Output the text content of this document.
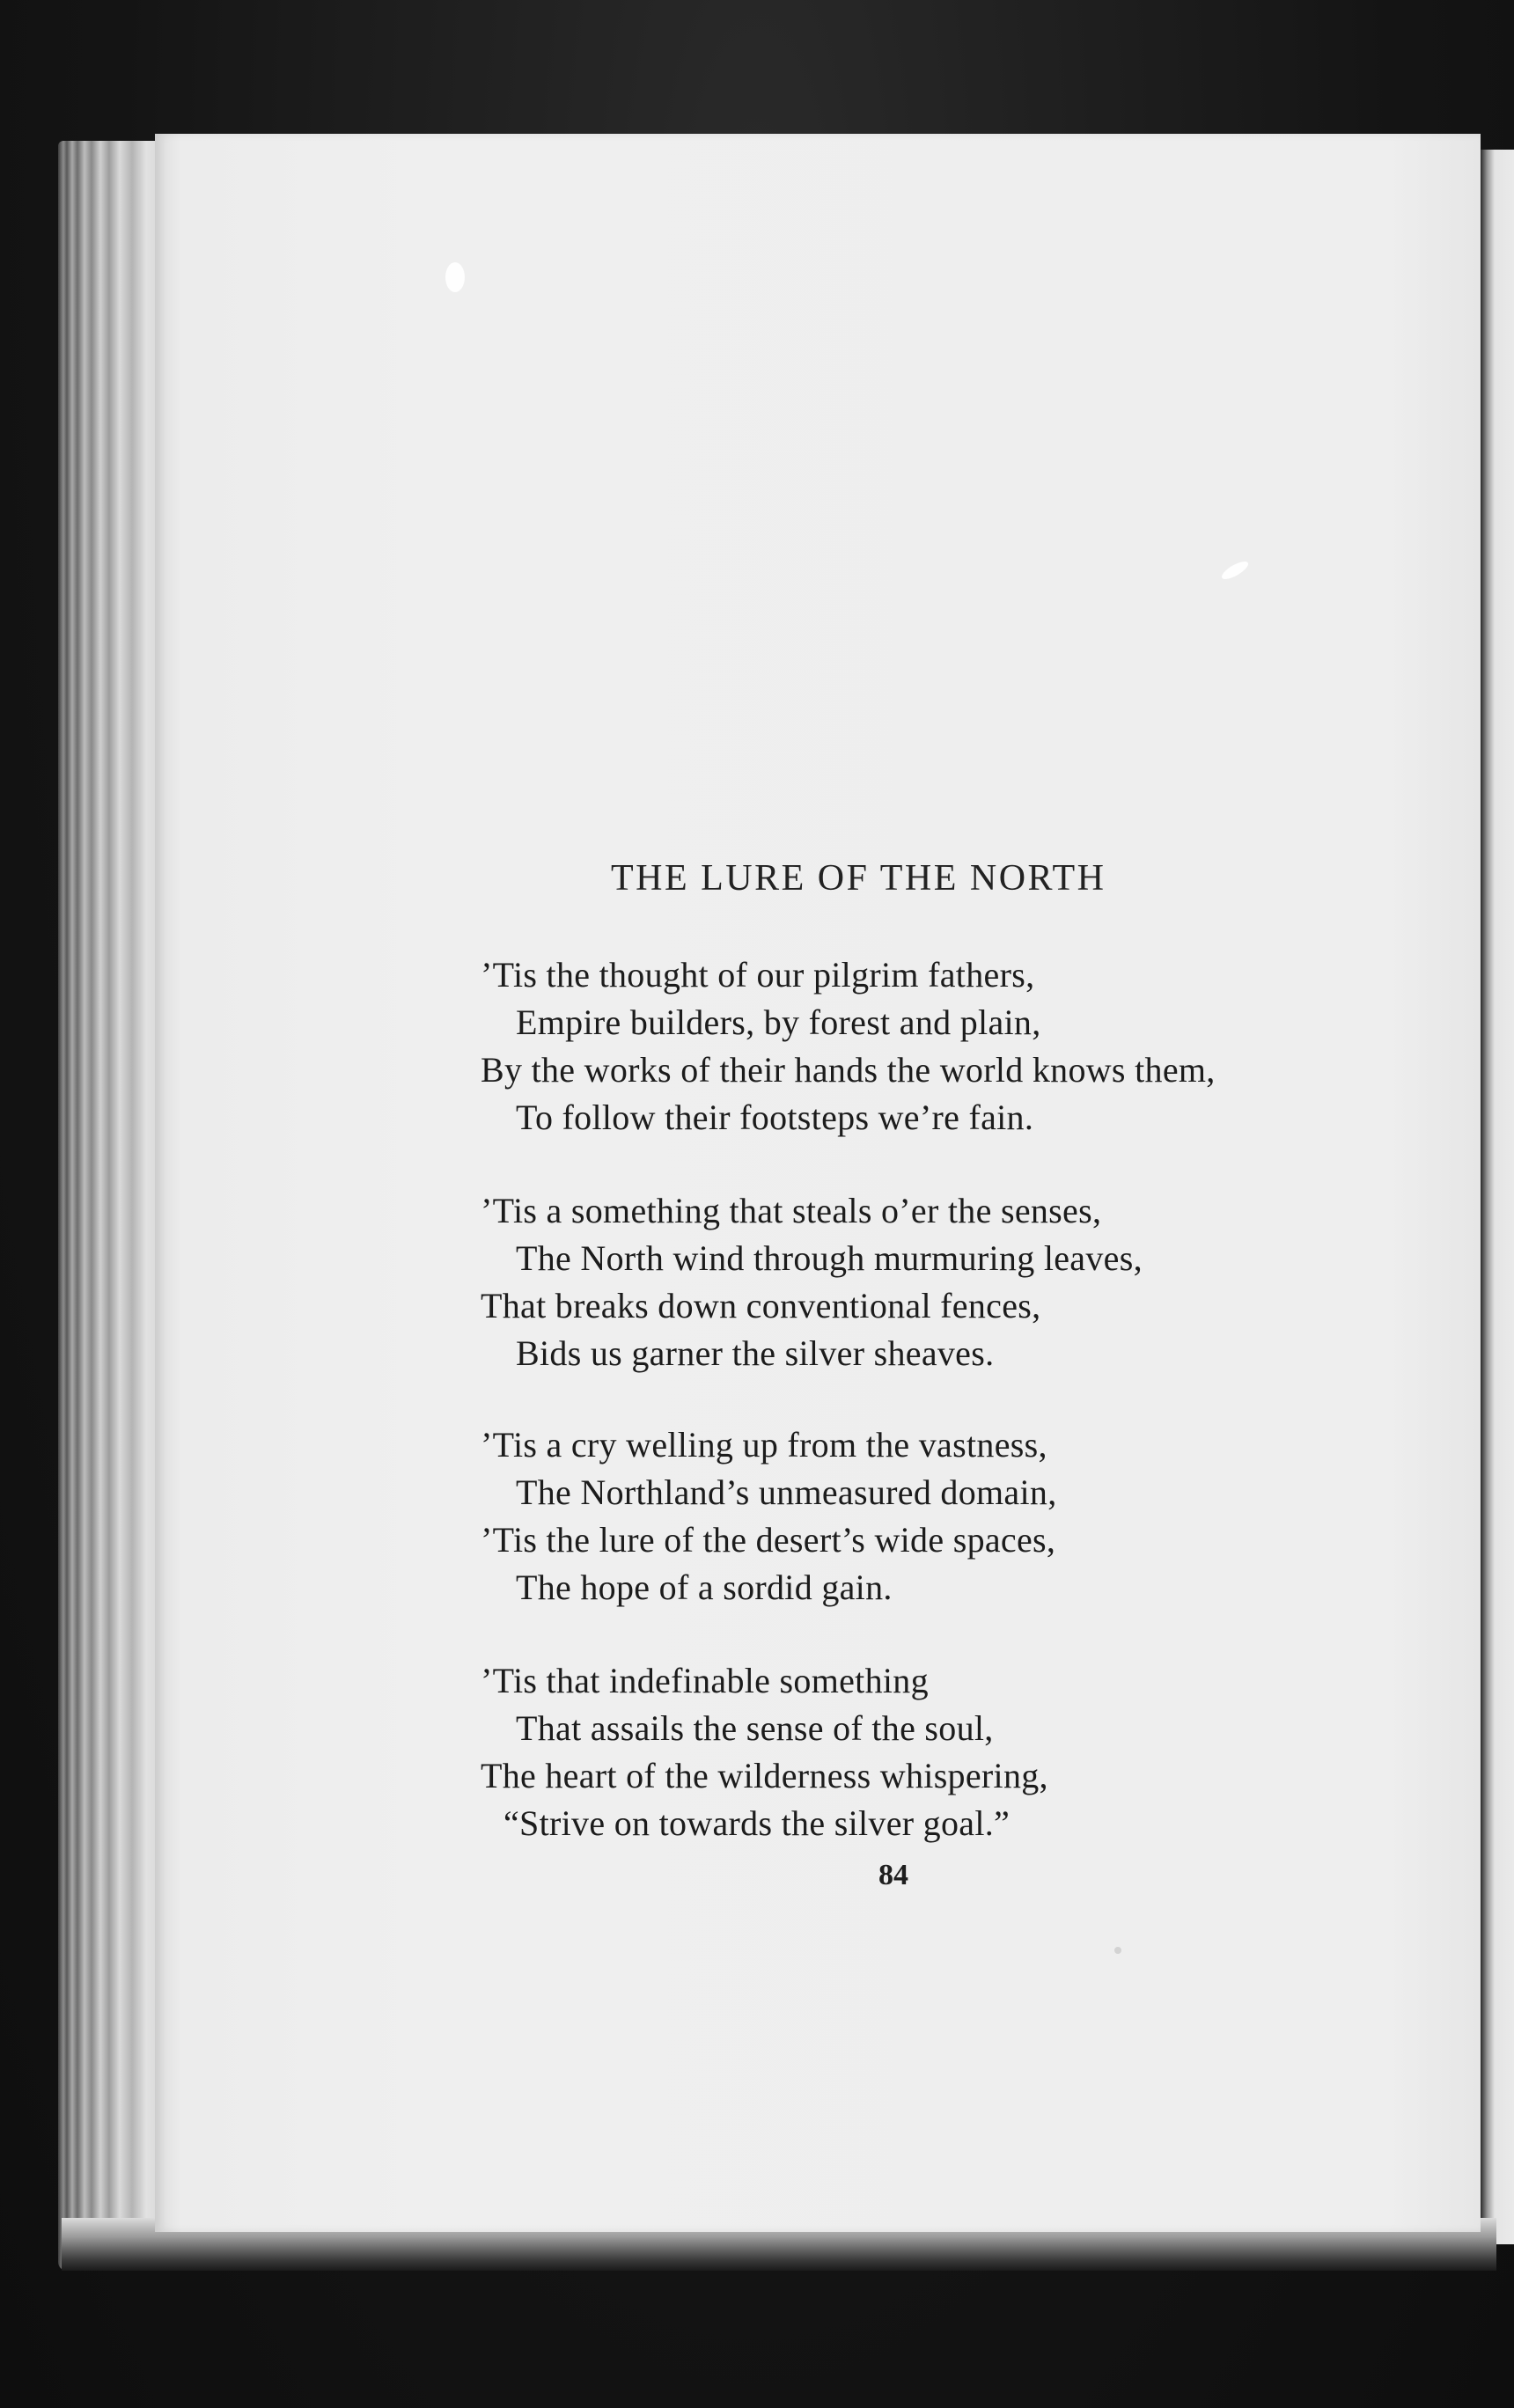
THE LURE OF THE NORTH
’Tis the thought of our pilgrim fathers,
Empire builders, by forest and plain,
By the works of their hands the world knows them,
To follow their footsteps we’re fain.
’Tis a something that steals o’er the senses,
The North wind through murmuring leaves,
That breaks down conventional fences,
Bids us garner the silver sheaves.
’Tis a cry welling up from the vastness,
The Northland’s unmeasured domain,
’Tis the lure of the desert’s wide spaces,
The hope of a sordid gain.
’Tis that indefinable something
That assails the sense of the soul,
The heart of the wilderness whispering,
“Strive on towards the silver goal.”
84
